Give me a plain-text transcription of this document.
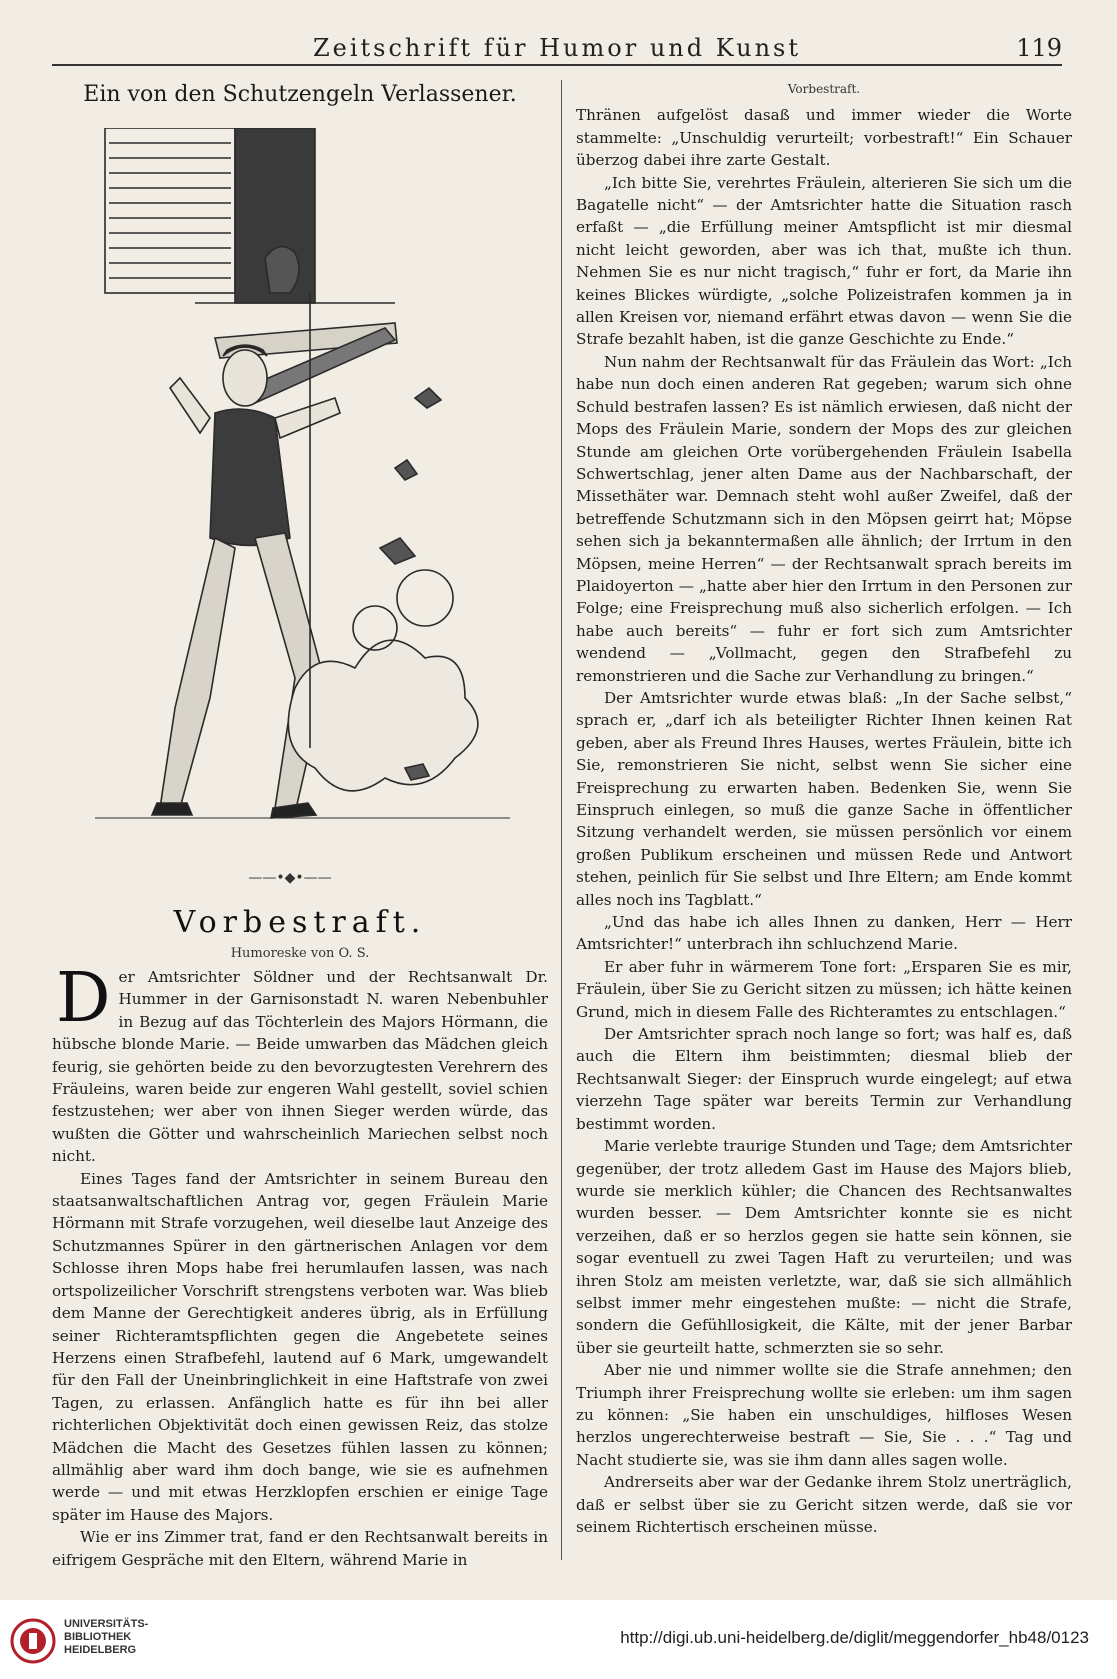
Zeitschrift für Humor und Kunst	119
Ein von den Schutzengeln Verlassener.
——•◆•——
Vorbestraft.
Humoreske von O. S.

Der Amtsrichter Söldner und der Rechtsanwalt Dr. Hummer in der Garnisonstadt N. waren Nebenbuhler in Bezug auf das Töchterlein des Majors Hörmann, die hübsche blonde Marie. — Beide umwarben das Mädchen gleich feurig, sie gehörten beide zu den bevorzugtesten Verehrern des Fräuleins, waren beide zur engeren Wahl gestellt, soviel schien festzustehen; wer aber von ihnen Sieger werden würde, das wußten die Götter und wahrscheinlich Mariechen selbst noch nicht.

Eines Tages fand der Amtsrichter in seinem Bureau den staatsanwaltschaftlichen Antrag vor, gegen Fräulein Marie Hörmann mit Strafe vorzugehen, weil dieselbe laut Anzeige des Schutzmannes Spürer in den gärtnerischen Anlagen vor dem Schlosse ihren Mops habe frei herumlaufen lassen, was nach ortspolizeilicher Vorschrift strengstens verboten war. Was blieb dem Manne der Gerechtigkeit anderes übrig, als in Erfüllung seiner Richteramtspflichten gegen die Angebetete seines Herzens einen Strafbefehl, lautend auf 6 Mark, umgewandelt für den Fall der Uneinbringlichkeit in eine Haftstrafe von zwei Tagen, zu erlassen. Anfänglich hatte es für ihn bei aller richterlichen Objektivität doch einen gewissen Reiz, das stolze Mädchen die Macht des Gesetzes fühlen lassen zu können; allmählig aber ward ihm doch bange, wie sie es aufnehmen werde — und mit etwas Herzklopfen erschien er einige Tage später im Hause des Majors.

Wie er ins Zimmer trat, fand er den Rechtsanwalt bereits in eifrigem Gespräche mit den Eltern, während Marie in

Vorbestraft.

Thränen aufgelöst dasaß und immer wieder die Worte stammelte: „Unschuldig verurteilt; vorbestraft!“ Ein Schauer überzog dabei ihre zarte Gestalt.

„Ich bitte Sie, verehrtes Fräulein, alterieren Sie sich um die Bagatelle nicht“ — der Amtsrichter hatte die Situation rasch erfaßt — „die Erfüllung meiner Amtspflicht ist mir diesmal nicht leicht geworden, aber was ich that, mußte ich thun. Nehmen Sie es nur nicht tragisch,“ fuhr er fort, da Marie ihn keines Blickes würdigte, „solche Polizeistrafen kommen ja in allen Kreisen vor, niemand erfährt etwas davon — wenn Sie die Strafe bezahlt haben, ist die ganze Geschichte zu Ende.“

Nun nahm der Rechtsanwalt für das Fräulein das Wort: „Ich habe nun doch einen anderen Rat gegeben; warum sich ohne Schuld bestrafen lassen? Es ist nämlich erwiesen, daß nicht der Mops des Fräulein Marie, sondern der Mops des zur gleichen Stunde am gleichen Orte vorübergehenden Fräulein Isabella Schwertschlag, jener alten Dame aus der Nachbarschaft, der Missethäter war. Demnach steht wohl außer Zweifel, daß der betreffende Schutzmann sich in den Möpsen geirrt hat; Möpse sehen sich ja bekanntermaßen alle ähnlich; der Irrtum in den Möpsen, meine Herren“ — der Rechtsanwalt sprach bereits im Plaidoyerton — „hatte aber hier den Irrtum in den Personen zur Folge; eine Freisprechung muß also sicherlich erfolgen. — Ich habe auch bereits“ — fuhr er fort sich zum Amtsrichter wendend — „Vollmacht, gegen den Strafbefehl zu remonstrieren und die Sache zur Verhandlung zu bringen.“

Der Amtsrichter wurde etwas blaß: „In der Sache selbst,“ sprach er, „darf ich als beteiligter Richter Ihnen keinen Rat geben, aber als Freund Ihres Hauses, wertes Fräulein, bitte ich Sie, remonstrieren Sie nicht, selbst wenn Sie sicher eine Freisprechung zu erwarten haben. Bedenken Sie, wenn Sie Einspruch einlegen, so muß die ganze Sache in öffentlicher Sitzung verhandelt werden, sie müssen persönlich vor einem großen Publikum erscheinen und müssen Rede und Antwort stehen, peinlich für Sie selbst und Ihre Eltern; am Ende kommt alles noch ins Tagblatt.“

„Und das habe ich alles Ihnen zu danken, Herr — Herr Amtsrichter!“ unterbrach ihn schluchzend Marie.

Er aber fuhr in wärmerem Tone fort: „Ersparen Sie es mir, Fräulein, über Sie zu Gericht sitzen zu müssen; ich hätte keinen Grund, mich in diesem Falle des Richteramtes zu entschlagen.“

Der Amtsrichter sprach noch lange so fort; was half es, daß auch die Eltern ihm beistimmten; diesmal blieb der Rechtsanwalt Sieger: der Einspruch wurde eingelegt; auf etwa vierzehn Tage später war bereits Termin zur Verhandlung bestimmt worden.

Marie verlebte traurige Stunden und Tage; dem Amtsrichter gegenüber, der trotz alledem Gast im Hause des Majors blieb, wurde sie merklich kühler; die Chancen des Rechtsanwaltes wurden besser. — Dem Amtsrichter konnte sie es nicht verzeihen, daß er so herzlos gegen sie hatte sein können, sie sogar eventuell zu zwei Tagen Haft zu verurteilen; und was ihren Stolz am meisten verletzte, war, daß sie sich allmählich selbst immer mehr eingestehen mußte: — nicht die Strafe, sondern die Gefühllosigkeit, die Kälte, mit der jener Barbar über sie geurteilt hatte, schmerzten sie so sehr.

Aber nie und nimmer wollte sie die Strafe annehmen; den Triumph ihrer Freisprechung wollte sie erleben: um ihm sagen zu können: „Sie haben ein unschuldiges, hilfloses Wesen herzlos ungerechterweise bestraft — Sie, Sie . . .“ Tag und Nacht studierte sie, was sie ihm dann alles sagen wolle.

Andrerseits aber war der Gedanke ihrem Stolz unerträglich, daß er selbst über sie zu Gericht sitzen werde, daß sie vor seinem Richtertisch erscheinen müsse.

UNIVERSITÄTS-
BIBLIOTHEK
HEIDELBERG
http://digi.ub.uni-heidelberg.de/diglit/meggendorfer_hb48/0123
